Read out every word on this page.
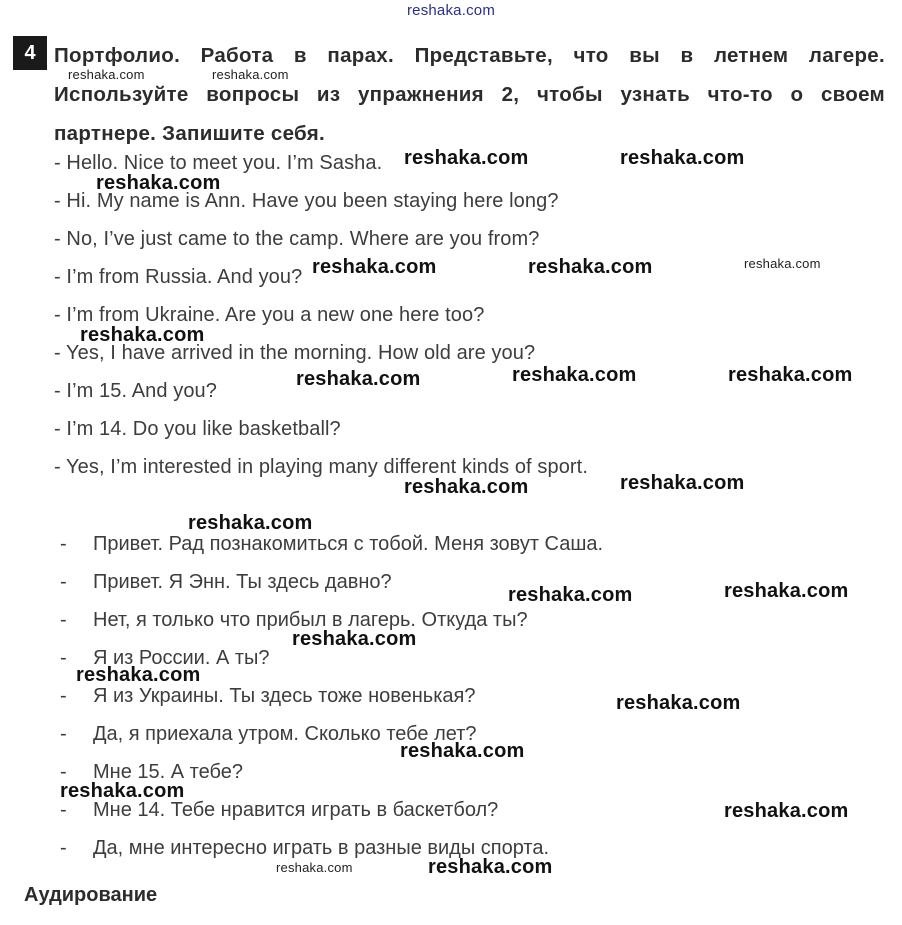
reshaka.com
4 Портфолио. Работа в парах. Представьте, что вы в летнем лагере. Используйте вопросы из упражнения 2, чтобы узнать что-то о своем партнере. Запишите себя.
- Hello. Nice to meet you. I’m Sasha.
- Hi. My name is Ann. Have you been staying here long?
- No, I’ve just came to the camp. Where are you from?
- I’m from Russia. And you?
- I’m from Ukraine. Are you a new one here too?
- Yes, I have arrived in the morning. How old are you?
- I’m 15. And you?
- I’m 14. Do you like basketball?
- Yes, I’m interested in playing many different kinds of sport.
- Привет. Рад познакомиться с тобой. Меня зовут Саша.
- Привет. Я Энн. Ты здесь давно?
- Нет, я только что прибыл в лагерь. Откуда ты?
- Я из России. А ты?
- Я из Украины. Ты здесь тоже новенькая?
- Да, я приехала утром. Сколько тебе лет?
- Мне 15. А тебе?
- Мне 14. Тебе нравится играть в баскетбол?
- Да, мне интересно играть в разные виды спорта.
Аудирование
reshaka.com	reshaka.com
reshaka.com	reshaka.com
reshaka.com
reshaka.com	reshaka.com	reshaka.com
reshaka.com
reshaka.com	reshaka.com	reshaka.com
reshaka.com	reshaka.com
reshaka.com
reshaka.com	reshaka.com
reshaka.com
reshaka.com
reshaka.com
reshaka.com
reshaka.com
reshaka.com
reshaka.com	reshaka.com
